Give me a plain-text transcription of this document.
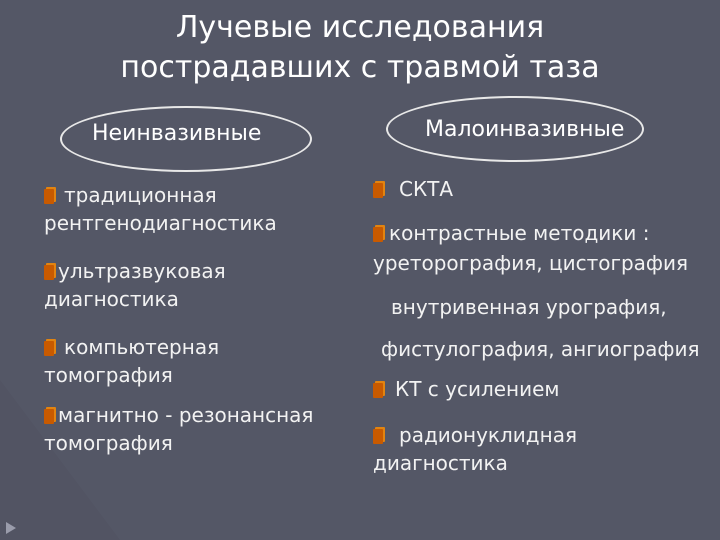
Лучевые исследования
пострадавших с травмой таза
Неинвазивные	Малоинвазивные
традиционная
рентгенодиагностика
ультразвуковая
диагностика
компьютерная
томография
магнитно - резонансная
томография
СКТА
контрастные методики :
уреторография, цистография
внутривенная урография,
фистулография, ангиография
КТ с усилением
радионуклидная
диагностика
